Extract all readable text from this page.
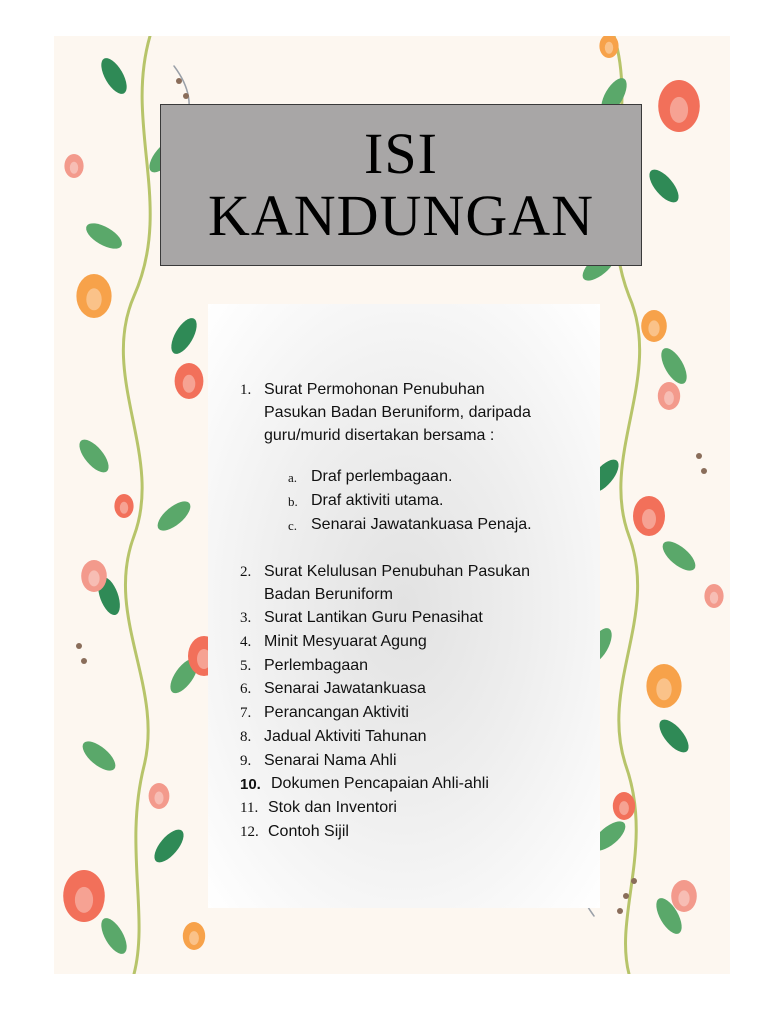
ISI
KANDUNGAN
1. Surat Permohonan Penubuhan
Pasukan Badan Beruniform, daripada
guru/murid disertakan bersama :
a. Draf perlembagaan.
b. Draf aktiviti utama.
c. Senarai Jawatankuasa Penaja.
2. Surat Kelulusan Penubuhan Pasukan
Badan Beruniform
3. Surat Lantikan Guru Penasihat
4. Minit Mesyuarat Agung
5. Perlembagaan
6. Senarai Jawatankuasa
7. Perancangan Aktiviti
8. Jadual Aktiviti Tahunan
9. Senarai Nama Ahli
10. Dokumen Pencapaian Ahli-ahli
11. Stok dan Inventori
12. Contoh Sijil
